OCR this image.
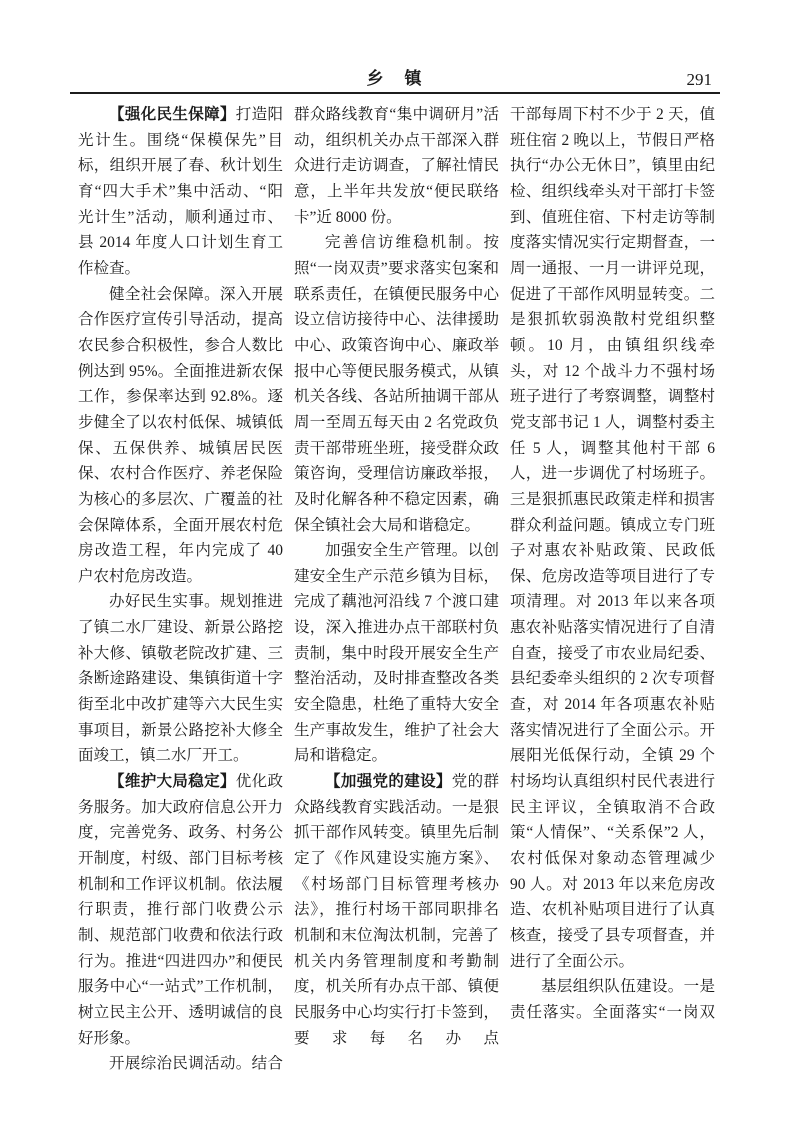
乡　镇	291

【强化民生保障】打造阳光计生。围绕“保模保先”目标，组织开展了春、秋计划生育“四大手术”集中活动、“阳光计生”活动，顺利通过市、县 2014 年度人口计划生育工作检查。

健全社会保障。深入开展合作医疗宣传引导活动，提高农民参合积极性，参合人数比例达到 95%。全面推进新农保工作，参保率达到 92.8%。逐步健全了以农村低保、城镇低保、五保供养、城镇居民医保、农村合作医疗、养老保险为核心的多层次、广覆盖的社会保障体系，全面开展农村危房改造工程，年内完成了 40 户农村危房改造。

办好民生实事。规划推进了镇二水厂建设、新景公路挖补大修、镇敬老院改扩建、三条断途路建设、集镇街道十字街至北中改扩建等六大民生实事项目，新景公路挖补大修全面竣工，镇二水厂开工。

【维护大局稳定】优化政务服务。加大政府信息公开力度，完善党务、政务、村务公开制度，村级、部门目标考核机制和工作评议机制。依法履行职责，推行部门收费公示制、规范部门收费和依法行政行为。推进“四进四办”和便民服务中心“一站式”工作机制，树立民主公开、透明诚信的良好形象。

开展综治民调活动。结合

群众路线教育“集中调研月”活动，组织机关办点干部深入群众进行走访调查，了解社情民意，上半年共发放“便民联络卡”近 8000 份。

完善信访维稳机制。按照“一岗双责”要求落实包案和联系责任，在镇便民服务中心设立信访接待中心、法律援助中心、政策咨询中心、廉政举报中心等便民服务模式，从镇机关各线、各站所抽调干部从周一至周五每天由 2 名党政负责干部带班坐班，接受群众政策咨询，受理信访廉政举报，及时化解各种不稳定因素，确保全镇社会大局和谐稳定。

加强安全生产管理。以创建安全生产示范乡镇为目标，完成了藕池河沿线 7 个渡口建设，深入推进办点干部联村负责制，集中时段开展安全生产整治活动，及时排查整改各类安全隐患，杜绝了重特大安全生产事故发生，维护了社会大局和谐稳定。

【加强党的建设】党的群众路线教育实践活动。一是狠抓干部作风转变。镇里先后制定了《作风建设实施方案》、《村场部门目标管理考核办法》，推行村场干部同职排名机制和末位淘汰机制，完善了机关内务管理制度和考勤制度，机关所有办点干部、镇便民服务中心均实行打卡签到，要求每名办点

干部每周下村不少于 2 天，值班住宿 2 晚以上，节假日严格执行“办公无休日”，镇里由纪检、组织线牵头对干部打卡签到、值班住宿、下村走访等制度落实情况实行定期督查，一周一通报、一月一讲评兑现，促进了干部作风明显转变。二是狠抓软弱涣散村党组织整顿。10 月，由镇组织线牵头，对 12 个战斗力不强村场班子进行了考察调整，调整村党支部书记 1 人，调整村委主任 5 人，调整其他村干部 6 人，进一步调优了村场班子。三是狠抓惠民政策走样和损害群众利益问题。镇成立专门班子对惠农补贴政策、民政低保、危房改造等项目进行了专项清理。对 2013 年以来各项惠农补贴落实情况进行了自清自查，接受了市农业局纪委、县纪委牵头组织的 2 次专项督查，对 2014 年各项惠农补贴落实情况进行了全面公示。开展阳光低保行动，全镇 29 个村场均认真组织村民代表进行民主评议，全镇取消不合政策“人情保”、“关系保”2 人，农村低保对象动态管理减少 90 人。对 2013 年以来危房改造、农机补贴项目进行了认真核查，接受了县专项督查，并进行了全面公示。

基层组织队伍建设。一是责任落实。全面落实“一岗双
